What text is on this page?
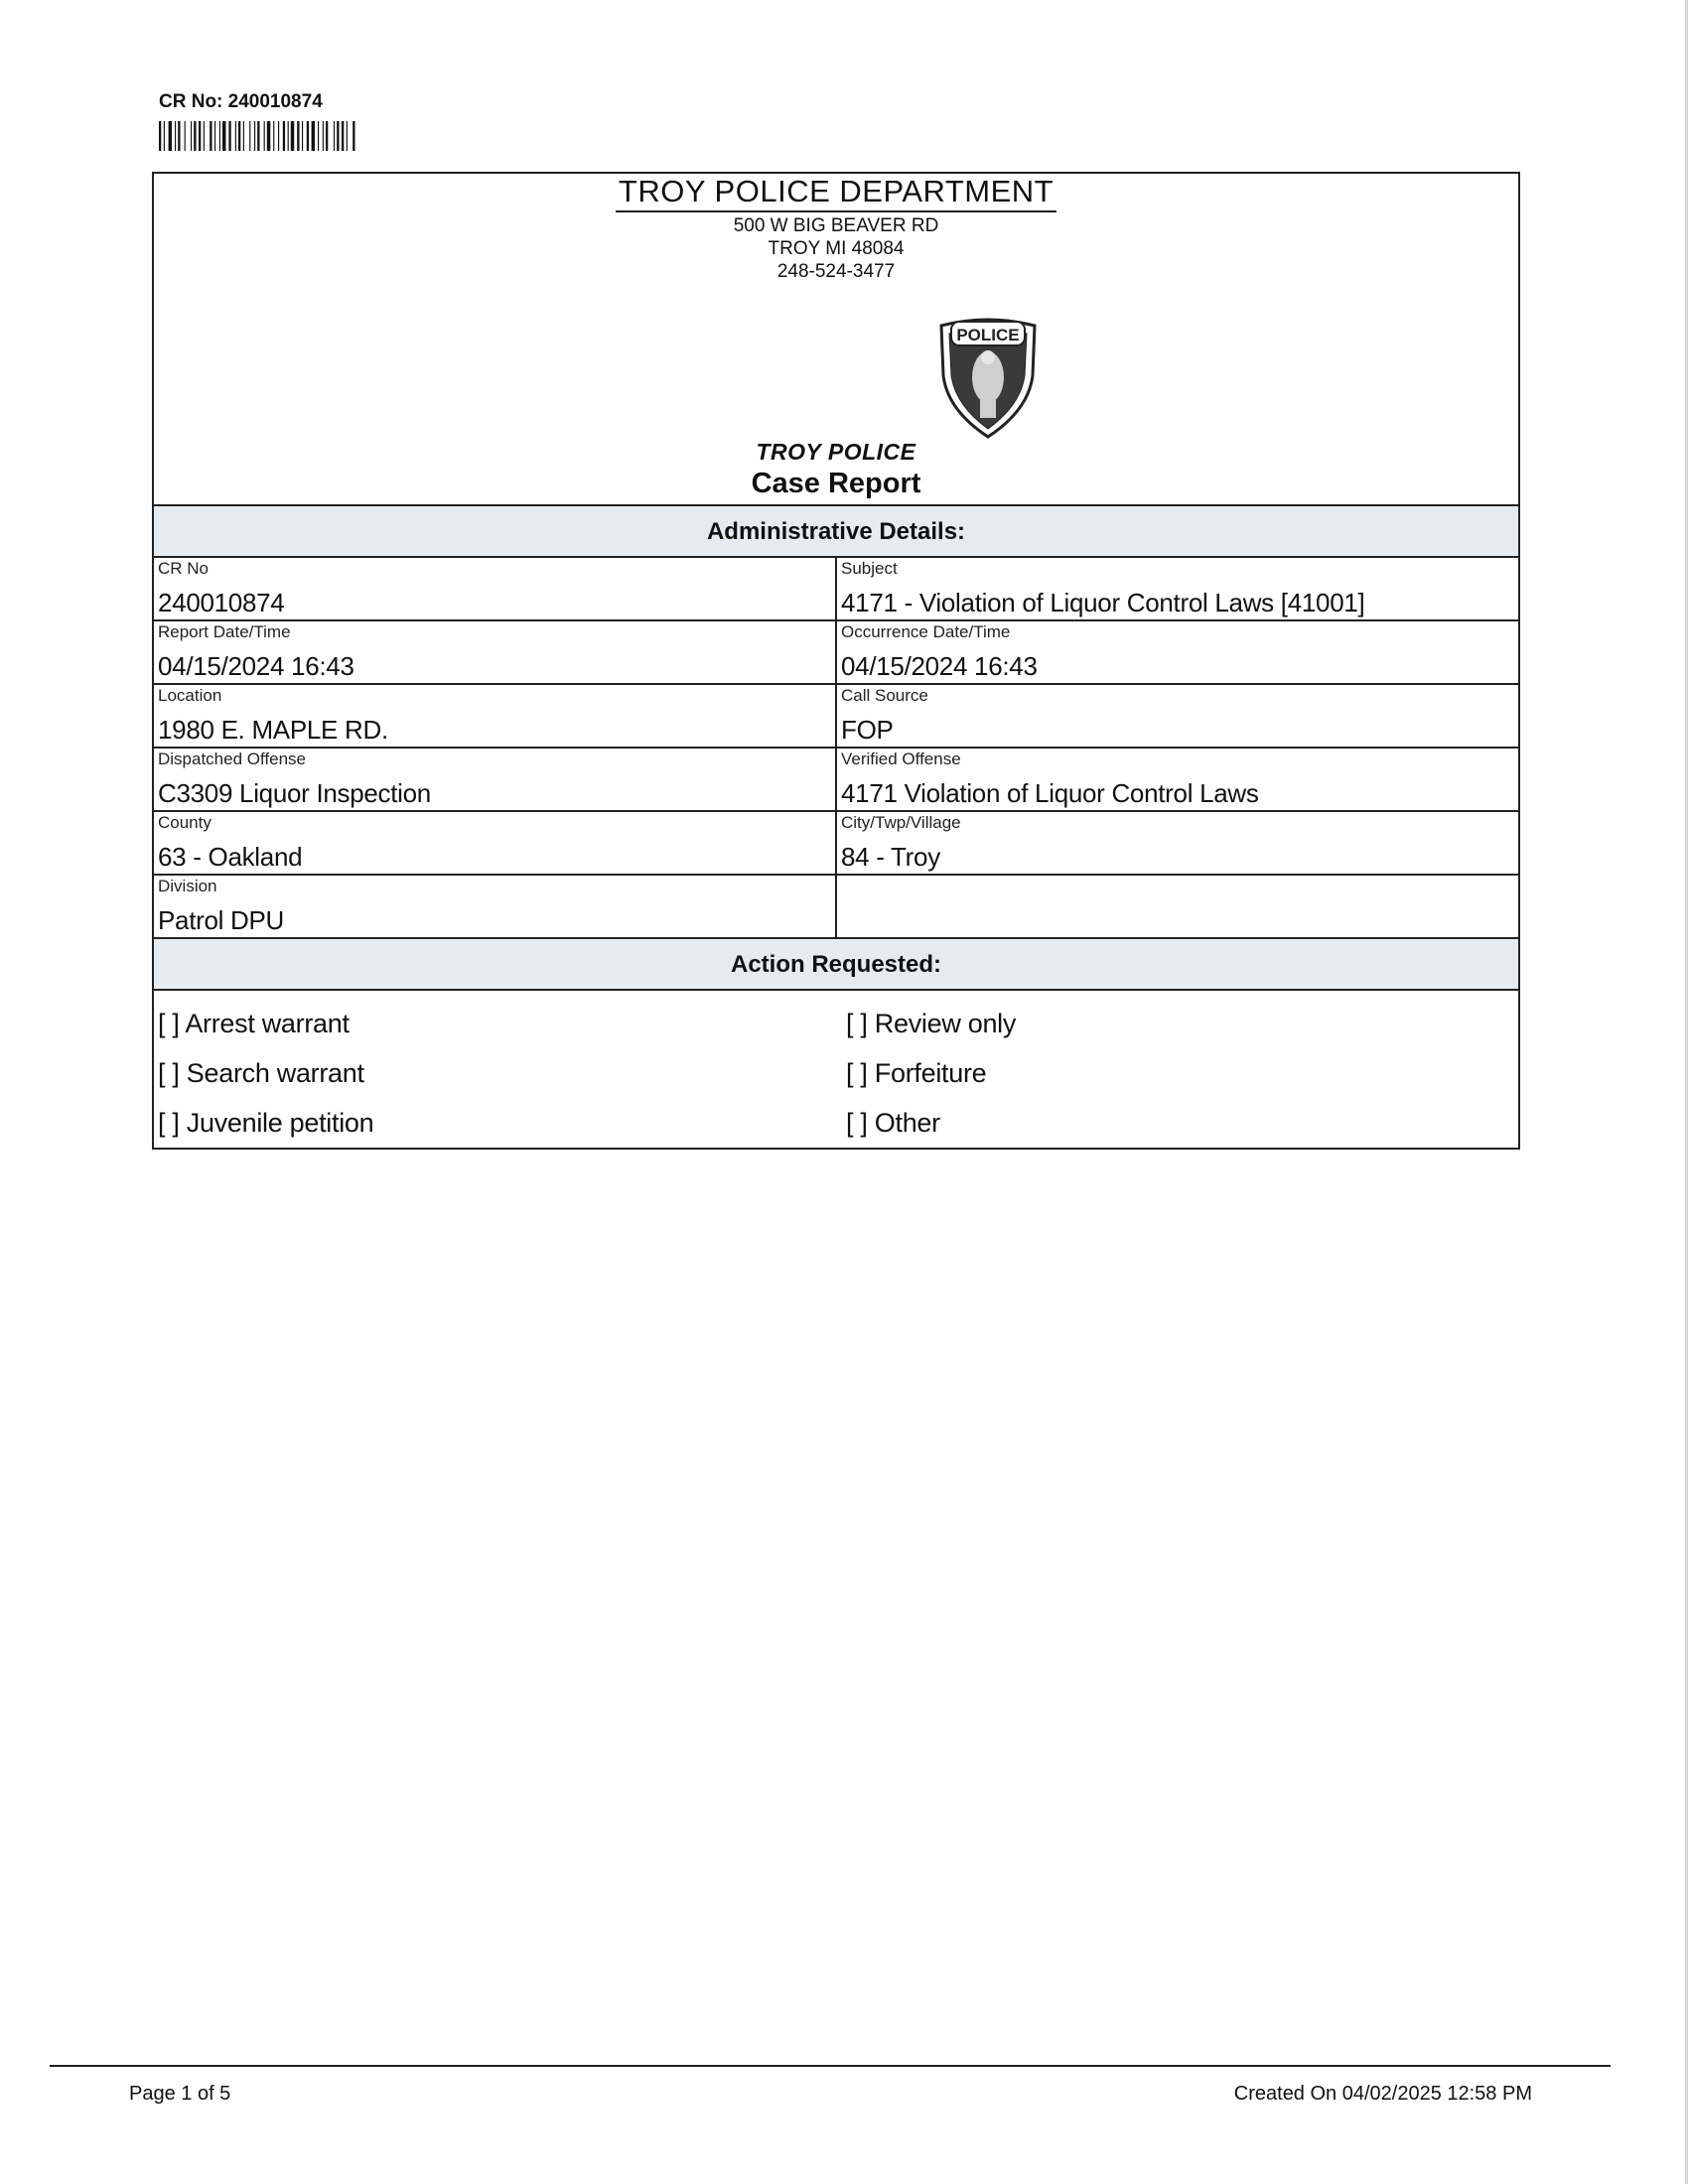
CR No: 240010874
TROY POLICE DEPARTMENT
500 W BIG BEAVER RD
TROY MI 48084
248-524-3477
POLICE
TROY POLICE
Case Report
Administrative Details:
CR No
240010874
Subject
4171 - Violation of Liquor Control Laws [41001]
Report Date/Time
04/15/2024 16:43
Occurrence Date/Time
04/15/2024 16:43
Location
1980 E. MAPLE RD.
Call Source
FOP
Dispatched Offense
C3309 Liquor Inspection
Verified Offense
4171 Violation of Liquor Control Laws
County
63 - Oakland
City/Twp/Village
84 - Troy
Division
Patrol DPU
Action Requested:
[ ] Arrest warrant
[ ] Search warrant
[ ] Juvenile petition
[ ] Review only
[ ] Forfeiture
[ ] Other
Page 1 of 5	Created On 04/02/2025 12:58 PM
